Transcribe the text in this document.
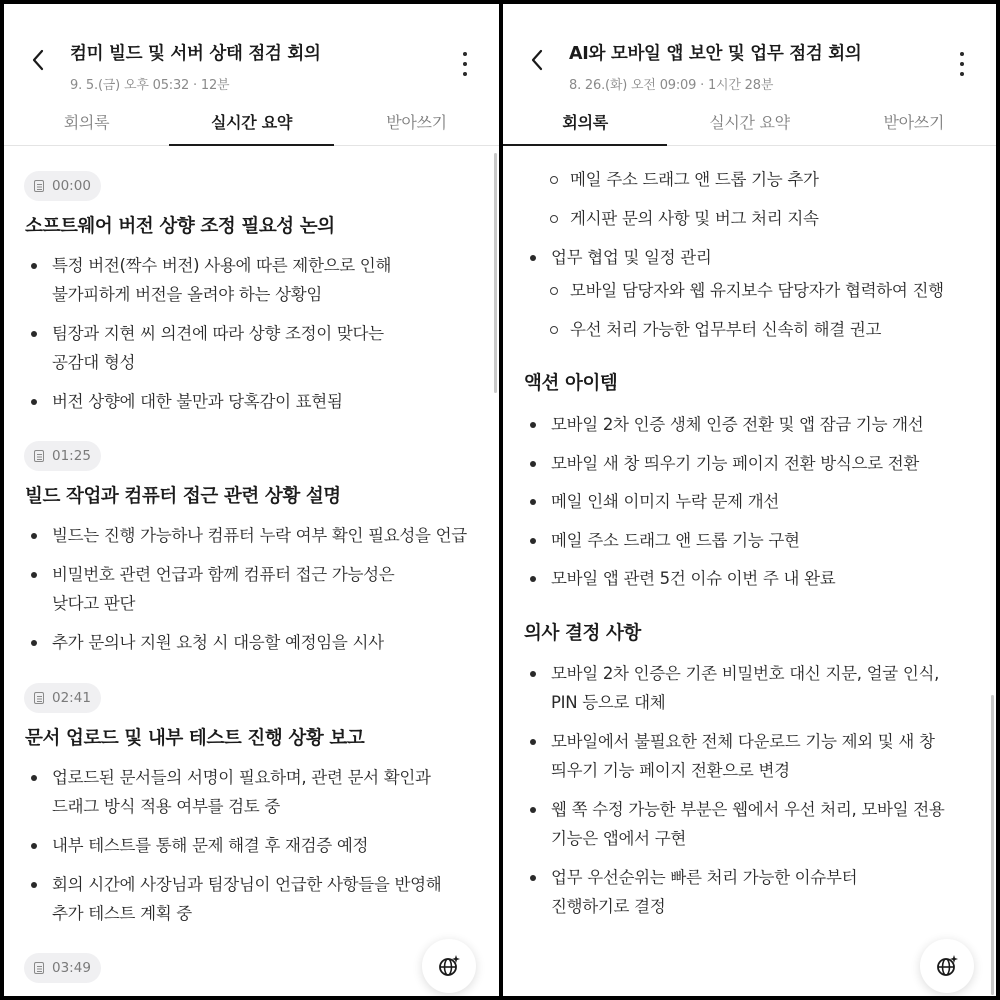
컴미 빌드 및 서버 상태 점검 회의
9. 5.(금) 오후 05:32 · 12분
회의록	실시간 요약	받아쓰기
00:00
소프트웨어 버전 상향 조정 필요성 논의
특정 버전(짝수 버전) 사용에 따른 제한으로 인해
불가피하게 버전을 올려야 하는 상황임
팀장과 지현 씨 의견에 따라 상향 조정이 맞다는
공감대 형성
버전 상향에 대한 불만과 당혹감이 표현됨
01:25
빌드 작업과 컴퓨터 접근 관련 상황 설명
빌드는 진행 가능하나 컴퓨터 누락 여부 확인 필요성을 언급
비밀번호 관련 언급과 함께 컴퓨터 접근 가능성은
낮다고 판단
추가 문의나 지원 요청 시 대응할 예정임을 시사
02:41
문서 업로드 및 내부 테스트 진행 상황 보고
업로드된 문서들의 서명이 필요하며, 관련 문서 확인과
드래그 방식 적용 여부를 검토 중
내부 테스트를 통해 문제 해결 후 재검증 예정
회의 시간에 사장님과 팀장님이 언급한 사항들을 반영해
추가 테스트 계획 중
03:49
AI와 모바일 앱 보안 및 업무 점검 회의
8. 26.(화) 오전 09:09 · 1시간 28분
회의록	실시간 요약	받아쓰기
메일 주소 드래그 앤 드롭 기능 추가
게시판 문의 사항 및 버그 처리 지속
업무 협업 및 일정 관리
모바일 담당자와 웹 유지보수 담당자가 협력하여 진행
우선 처리 가능한 업무부터 신속히 해결 권고
액션 아이템
모바일 2차 인증 생체 인증 전환 및 앱 잠금 기능 개선
모바일 새 창 띄우기 기능 페이지 전환 방식으로 전환
메일 인쇄 이미지 누락 문제 개선
메일 주소 드래그 앤 드롭 기능 구현
모바일 앱 관련 5건 이슈 이번 주 내 완료
의사 결정 사항
모바일 2차 인증은 기존 비밀번호 대신 지문, 얼굴 인식,
PIN 등으로 대체
모바일에서 불필요한 전체 다운로드 기능 제외 및 새 창
띄우기 기능 페이지 전환으로 변경
웹 쪽 수정 가능한 부분은 웹에서 우선 처리, 모바일 전용
기능은 앱에서 구현
업무 우선순위는 빠른 처리 가능한 이슈부터
진행하기로 결정
